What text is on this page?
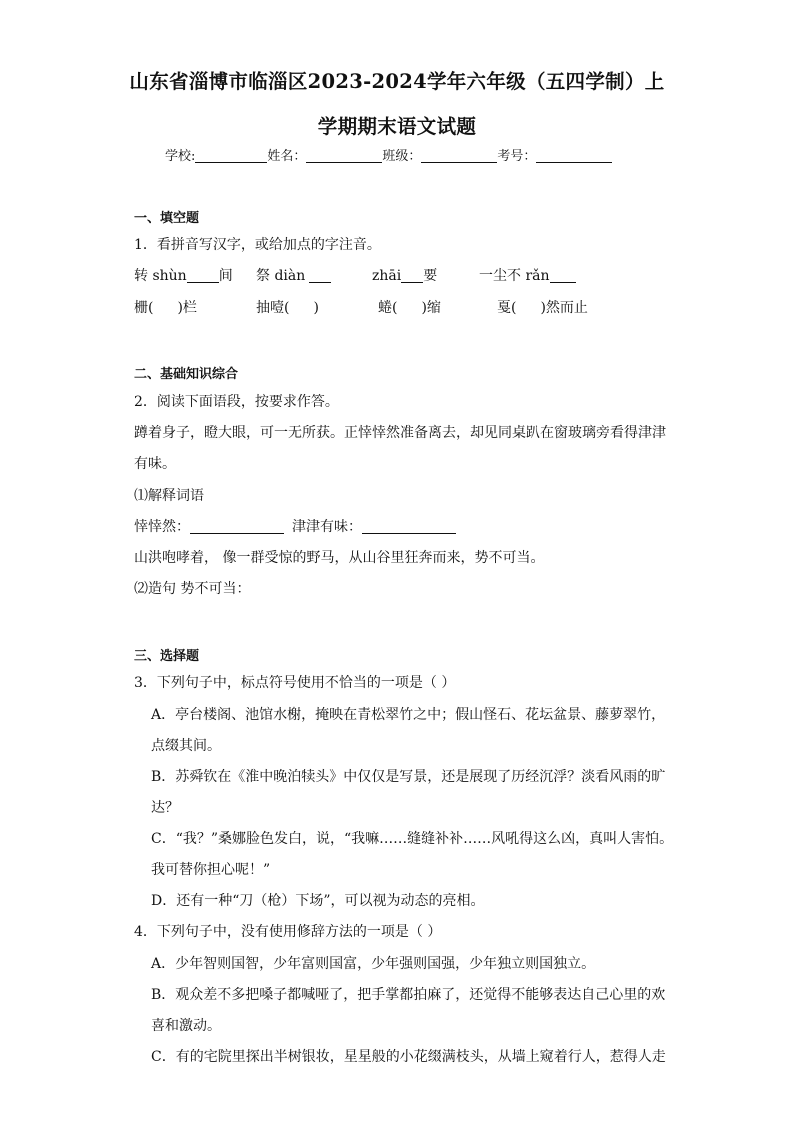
山东省淄博市临淄区2023-2024学年六年级（五四学制）上
学期期末语文试题
学校:	姓名：	班级：	考号：
一、填空题
1．看拼音写汉字，或给加点的字注音。
转 shùn 间 祭 diàn	zhāi 要	一尘不 rǎn
栅( )栏	抽噎( )	蜷( )缩	戛( )然而止
二、基础知识综合
2．阅读下面语段，按要求作答。
蹲着身子，瞪大眼，可一无所获。正悻悻然准备离去，却见同桌趴在窗玻璃旁看得津津
有味。
⑴解释词语
悻悻然：	津津有味：
山洪咆哮着， 像一群受惊的野马，从山谷里狂奔而来，势不可当。
⑵造句 势不可当：
三、选择题
3．下列句子中，标点符号使用不恰当的一项是（ ）
A．亭台楼阁、池馆水榭，掩映在青松翠竹之中；假山怪石、花坛盆景、藤萝翠竹，
点缀其间。
B．苏舜钦在《淮中晚泊犊头》中仅仅是写景，还是展现了历经沉浮？淡看风雨的旷
达？
C．“我？”桑娜脸色发白，说，“我嘛……缝缝补补……风吼得这么凶，真叫人害怕。
我可替你担心呢！”
D．还有一种“刀（枪）下场”，可以视为动态的亮相。
4．下列句子中，没有使用修辞方法的一项是（ ）
A．少年智则国智，少年富则国富，少年强则国强，少年独立则国独立。
B．观众差不多把嗓子都喊哑了，把手掌都拍麻了，还觉得不能够表达自己心里的欢
喜和激动。
C．有的宅院里探出半树银妆，星星般的小花缀满枝头，从墙上窥着行人，惹得人走
